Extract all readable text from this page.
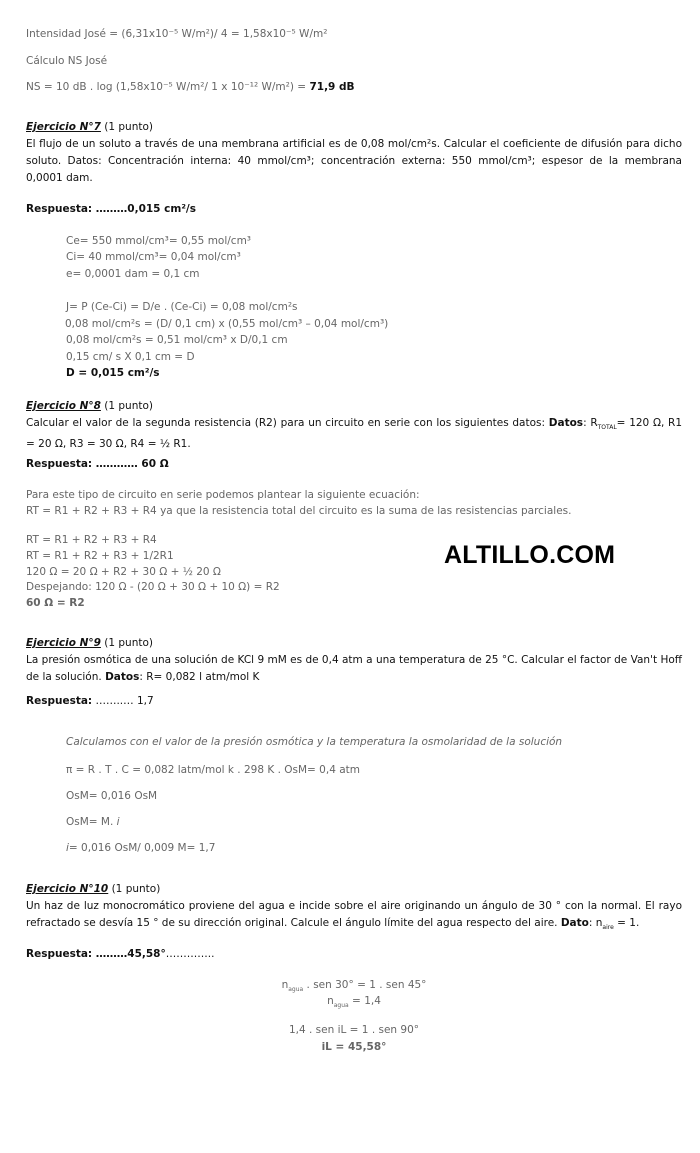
Intensidad José = (6,31x10⁻⁵ W/m²)/ 4 = 1,58x10⁻⁵ W/m²
Cálculo NS José
NS = 10 dB . log (1,58x10⁻⁵ W/m²/ 1 x 10⁻¹² W/m²) = 71,9 dB
Ejercicio N°7 (1 punto)
El flujo de un soluto a través de una membrana artificial es de 0,08 mol/cm²s. Calcular el coeficiente de difusión para dicho soluto. Datos: Concentración interna: 40 mmol/cm³; concentración externa: 550 mmol/cm³; espesor de la membrana 0,0001 dam.
Respuesta: ………0,015 cm²/s
Ce= 550 mmol/cm³= 0,55 mol/cm³
Ci= 40 mmol/cm³= 0,04 mol/cm³
e= 0,0001 dam = 0,1 cm
J= P (Ce-Ci) = D/e . (Ce-Ci) = 0,08 mol/cm²s
0,08 mol/cm²s = (D/ 0,1 cm) x (0,55 mol/cm³ – 0,04 mol/cm³)
0,08 mol/cm²s = 0,51 mol/cm³ x D/0,1 cm
0,15 cm/ s X 0,1 cm = D
D = 0,015 cm²/s
Ejercicio N°8 (1 punto)
Calcular el valor de la segunda resistencia (R2) para un circuito en serie con los siguientes datos: Datos: $R_{TOTAL}= 120$ Ω, R1 = 20 Ω, R3 = 30 Ω, R4 = ½ R1.
Respuesta: ………… 60 Ω
Para este tipo de circuito en serie podemos plantear la siguiente ecuación:
RT = R1 + R2 + R3 + R4 ya que la resistencia total del circuito es la suma de las resistencias parciales.
RT = R1 + R2 + R3 + R4
RT = R1 + R2 + R3 + 1/2R1
120 Ω = 20 Ω + R2 + 30 Ω + ½ 20 Ω
Despejando: 120 Ω - (20 Ω + 30 Ω + 10 Ω) = R2
60 Ω = R2
Ejercicio N°9 (1 punto)
La presión osmótica de una solución de KCl 9 mM es de 0,4 atm a una temperatura de 25 °C. Calcular el factor de Van't Hoff de la solución. Datos: R= 0,082 l atm/mol K
Respuesta: ……..… 1,7
Calculamos con el valor de la presión osmótica y la temperatura la osmolaridad de la solución
π = R . T . C = 0,082 latm/mol k . 298 K . OsM= 0,4 atm
OsM= 0,016 OsM
OsM= M. i
i= 0,016 OsM/ 0,009 M= 1,7
Ejercicio N°10 (1 punto)
Un haz de luz monocromático proviene del agua e incide sobre el aire originando un ángulo de 30 ° con la normal. El rayo refractado se desvía 15 ° de su dirección original. Calcule el ángulo límite del agua respecto del aire. Dato: $n_{aire} = 1$.
Respuesta: ………45,58°…………..
$n_{agua}$ . sen 30° = 1 . sen 45°
$n_{agua} = 1,4$
1,4 . sen iL = 1 . sen 90°
iL = 45,58°
ALTILLO.COM
